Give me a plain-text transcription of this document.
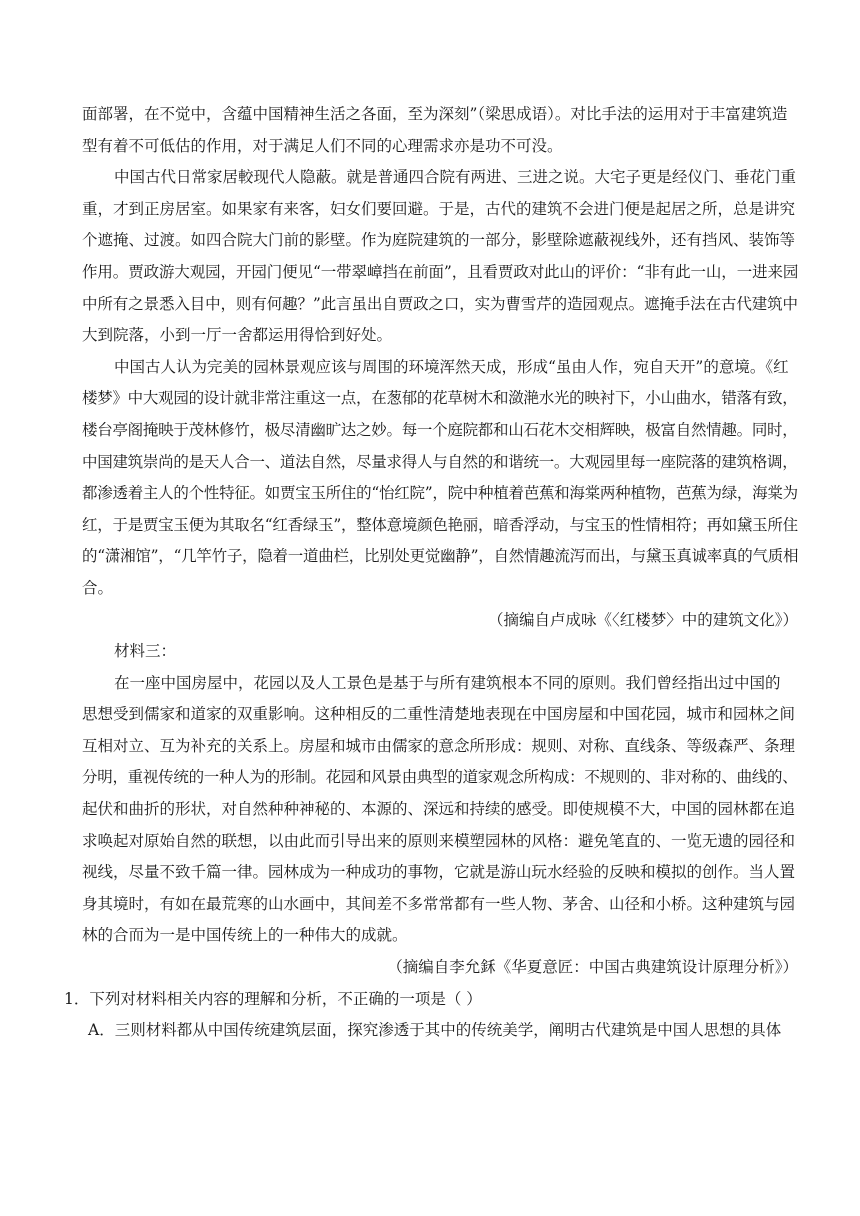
面部署，在不觉中，含蕴中国精神生活之各面，至为深刻”（梁思成语）。对比手法的运用对于丰富建筑造
型有着不可低估的作用，对于满足人们不同的心理需求亦是功不可没。
中国古代日常家居較现代人隐蔽。就是普通四合院有两进、三进之说。大宅子更是经仪门、垂花门重
重，才到正房居室。如果家有来客，妇女们要回避。于是，古代的建筑不会进门便是起居之所，总是讲究
个遮掩、过渡。如四合院大门前的影壁。作为庭院建筑的一部分，影壁除遮蔽视线外，还有挡风、装饰等
作用。贾政游大观园，开园门便见“一带翠嶂挡在前面”，且看贾政对此山的评价：“非有此一山，一进来园
中所有之景悉入目中，则有何趣？”此言虽出自贾政之口，实为曹雪芹的造园观点。遮掩手法在古代建筑中
大到院落，小到一厅一舍都运用得恰到好处。
中国古人认为完美的园林景观应该与周围的环境浑然天成，形成“虽由人作，宛自天开”的意境。《红
楼梦》中大观园的设计就非常注重这一点，在葱郁的花草树木和潋滟水光的映衬下，小山曲水，错落有致，
楼台亭阁掩映于茂林修竹，极尽清幽旷达之妙。每一个庭院都和山石花木交相辉映，极富自然情趣。同时，
中国建筑崇尚的是天人合一、道法自然，尽量求得人与自然的和谐统一。大观园里每一座院落的建筑格调，
都渗透着主人的个性特征。如贾宝玉所住的“怡红院”，院中种植着芭蕉和海棠两种植物，芭蕉为绿，海棠为
红，于是贾宝玉便为其取名“红香绿玉”，整体意境颜色艳丽，暗香浮动，与宝玉的性情相符；再如黛玉所住
的“潇湘馆”，“几竿竹子，隐着一道曲栏，比别处更觉幽静”，自然情趣流泻而出，与黛玉真诚率真的气质相
合。
（摘编自卢成咏《〈红楼梦〉中的建筑文化》）
材料三：
在一座中国房屋中，花园以及人工景色是基于与所有建筑根本不同的原则。我们曾经指出过中国的
思想受到儒家和道家的双重影响。这种相反的二重性清楚地表现在中国房屋和中国花园，城市和园林之间
互相对立、互为补充的关系上。房屋和城市由儒家的意念所形成：规则、对称、直线条、等级森严、条理
分明，重视传统的一种人为的形制。花园和风景由典型的道家观念所构成：不规则的、非对称的、曲线的、
起伏和曲折的形状，对自然种种神秘的、本源的、深远和持续的感受。即使规模不大，中国的园林都在追
求唤起对原始自然的联想，以由此而引导出来的原则来模塑园林的风格：避免笔直的、一览无遗的园径和
视线，尽量不致千篇一律。园林成为一种成功的事物，它就是游山玩水经验的反映和模拟的创作。当人置
身其境时，有如在最荒寒的山水画中，其间差不多常常都有一些人物、茅舍、山径和小桥。这种建筑与园
林的合而为一是中国传统上的一种伟大的成就。
（摘编自李允鉌《华夏意匠：中国古典建筑设计原理分析》）
1．下列对材料相关内容的理解和分析，不正确的一项是（ ）
A．三则材料都从中国传统建筑层面，探究渗透于其中的传统美学，阐明古代建筑是中国人思想的具体
